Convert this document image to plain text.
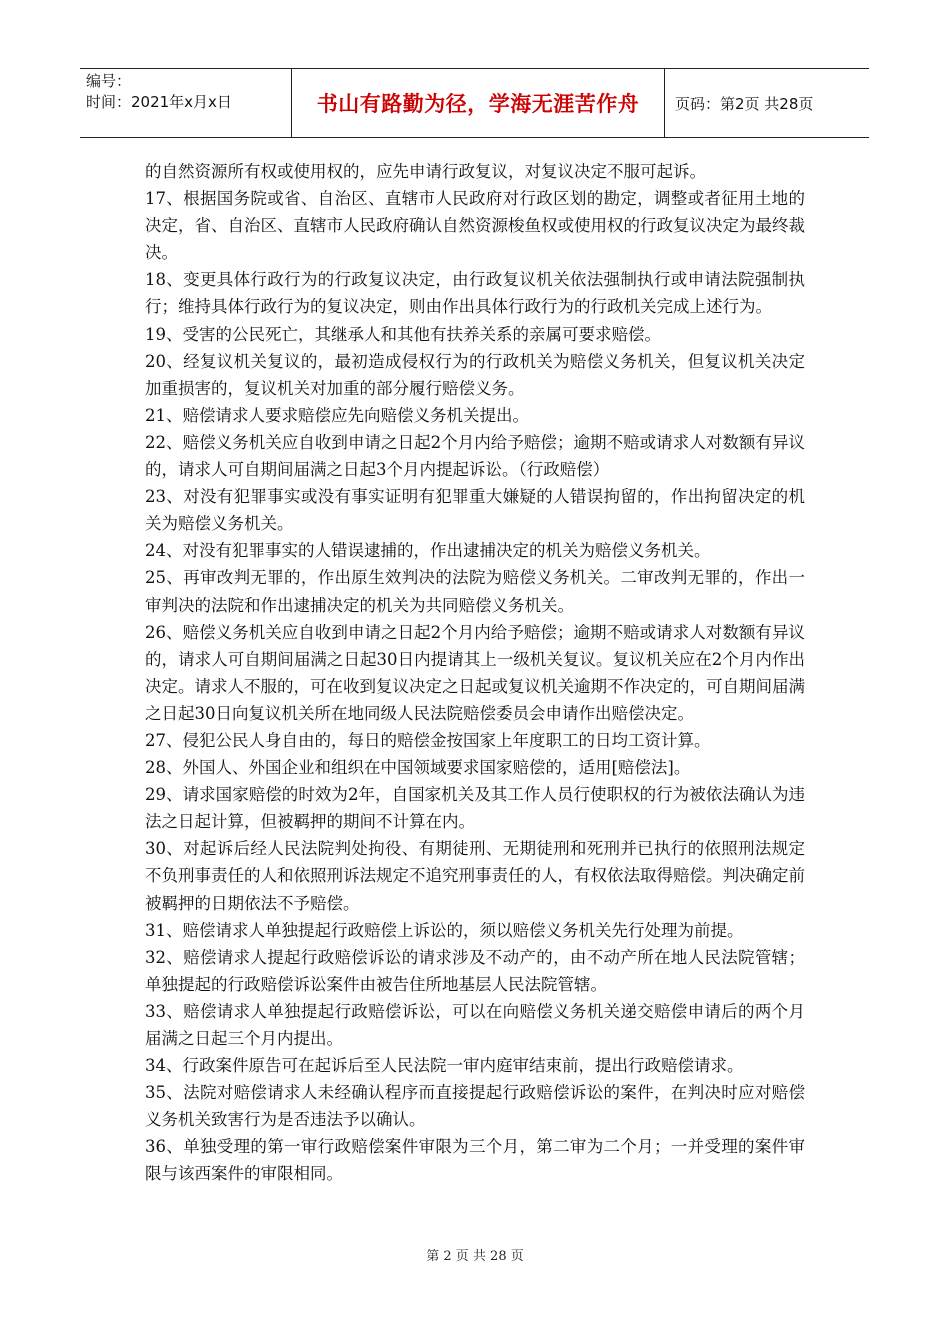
编号：
时间：2021年x月x日	书山有路勤为径，学海无涯苦作舟	页码：第2页 共28页

的自然资源所有权或使用权的，应先申请行政复议，对复议决定不服可起诉。

17、根据国务院或省、自治区、直辖市人民政府对行政区划的勘定，调整或者征用土地的决定，省、自治区、直辖市人民政府确认自然资源梭鱼权或使用权的行政复议决定为最终裁决。

18、变更具体行政行为的行政复议决定，由行政复议机关依法强制执行或申请法院强制执行；维持具体行政行为的复议决定，则由作出具体行政行为的行政机关完成上述行为。

19、受害的公民死亡，其继承人和其他有扶养关系的亲属可要求赔偿。

20、经复议机关复议的，最初造成侵权行为的行政机关为赔偿义务机关，但复议机关决定加重损害的，复议机关对加重的部分履行赔偿义务。

21、赔偿请求人要求赔偿应先向赔偿义务机关提出。

22、赔偿义务机关应自收到申请之日起2个月内给予赔偿；逾期不赔或请求人对数额有异议的，请求人可自期间届满之日起3个月内提起诉讼。（行政赔偿）

23、对没有犯罪事实或没有事实证明有犯罪重大嫌疑的人错误拘留的，作出拘留决定的机关为赔偿义务机关。

24、对没有犯罪事实的人错误逮捕的，作出逮捕决定的机关为赔偿义务机关。

25、再审改判无罪的，作出原生效判决的法院为赔偿义务机关。二审改判无罪的，作出一审判决的法院和作出逮捕决定的机关为共同赔偿义务机关。

26、赔偿义务机关应自收到申请之日起2个月内给予赔偿；逾期不赔或请求人对数额有异议的，请求人可自期间届满之日起30日内提请其上一级机关复议。复议机关应在2个月内作出决定。请求人不服的，可在收到复议决定之日起或复议机关逾期不作决定的，可自期间届满之日起30日向复议机关所在地同级人民法院赔偿委员会申请作出赔偿决定。

27、侵犯公民人身自由的，每日的赔偿金按国家上年度职工的日均工资计算。

28、外国人、外国企业和组织在中国领域要求国家赔偿的，适用[赔偿法]。

29、请求国家赔偿的时效为2年，自国家机关及其工作人员行使职权的行为被依法确认为违法之日起计算，但被羁押的期间不计算在内。

30、对起诉后经人民法院判处拘役、有期徒刑、无期徒刑和死刑并已执行的依照刑法规定不负刑事责任的人和依照刑诉法规定不追究刑事责任的人，有权依法取得赔偿。判决确定前被羁押的日期依法不予赔偿。

31、赔偿请求人单独提起行政赔偿上诉讼的，须以赔偿义务机关先行处理为前提。

32、赔偿请求人提起行政赔偿诉讼的请求涉及不动产的，由不动产所在地人民法院管辖；单独提起的行政赔偿诉讼案件由被告住所地基层人民法院管辖。

33、赔偿请求人单独提起行政赔偿诉讼，可以在向赔偿义务机关递交赔偿申请后的两个月届满之日起三个月内提出。

34、行政案件原告可在起诉后至人民法院一审内庭审结束前，提出行政赔偿请求。

35、法院对赔偿请求人未经确认程序而直接提起行政赔偿诉讼的案件，在判决时应对赔偿义务机关致害行为是否违法予以确认。

36、单独受理的第一审行政赔偿案件审限为三个月，第二审为二个月；一并受理的案件审限与该西案件的审限相同。

第 2 页 共 28 页
